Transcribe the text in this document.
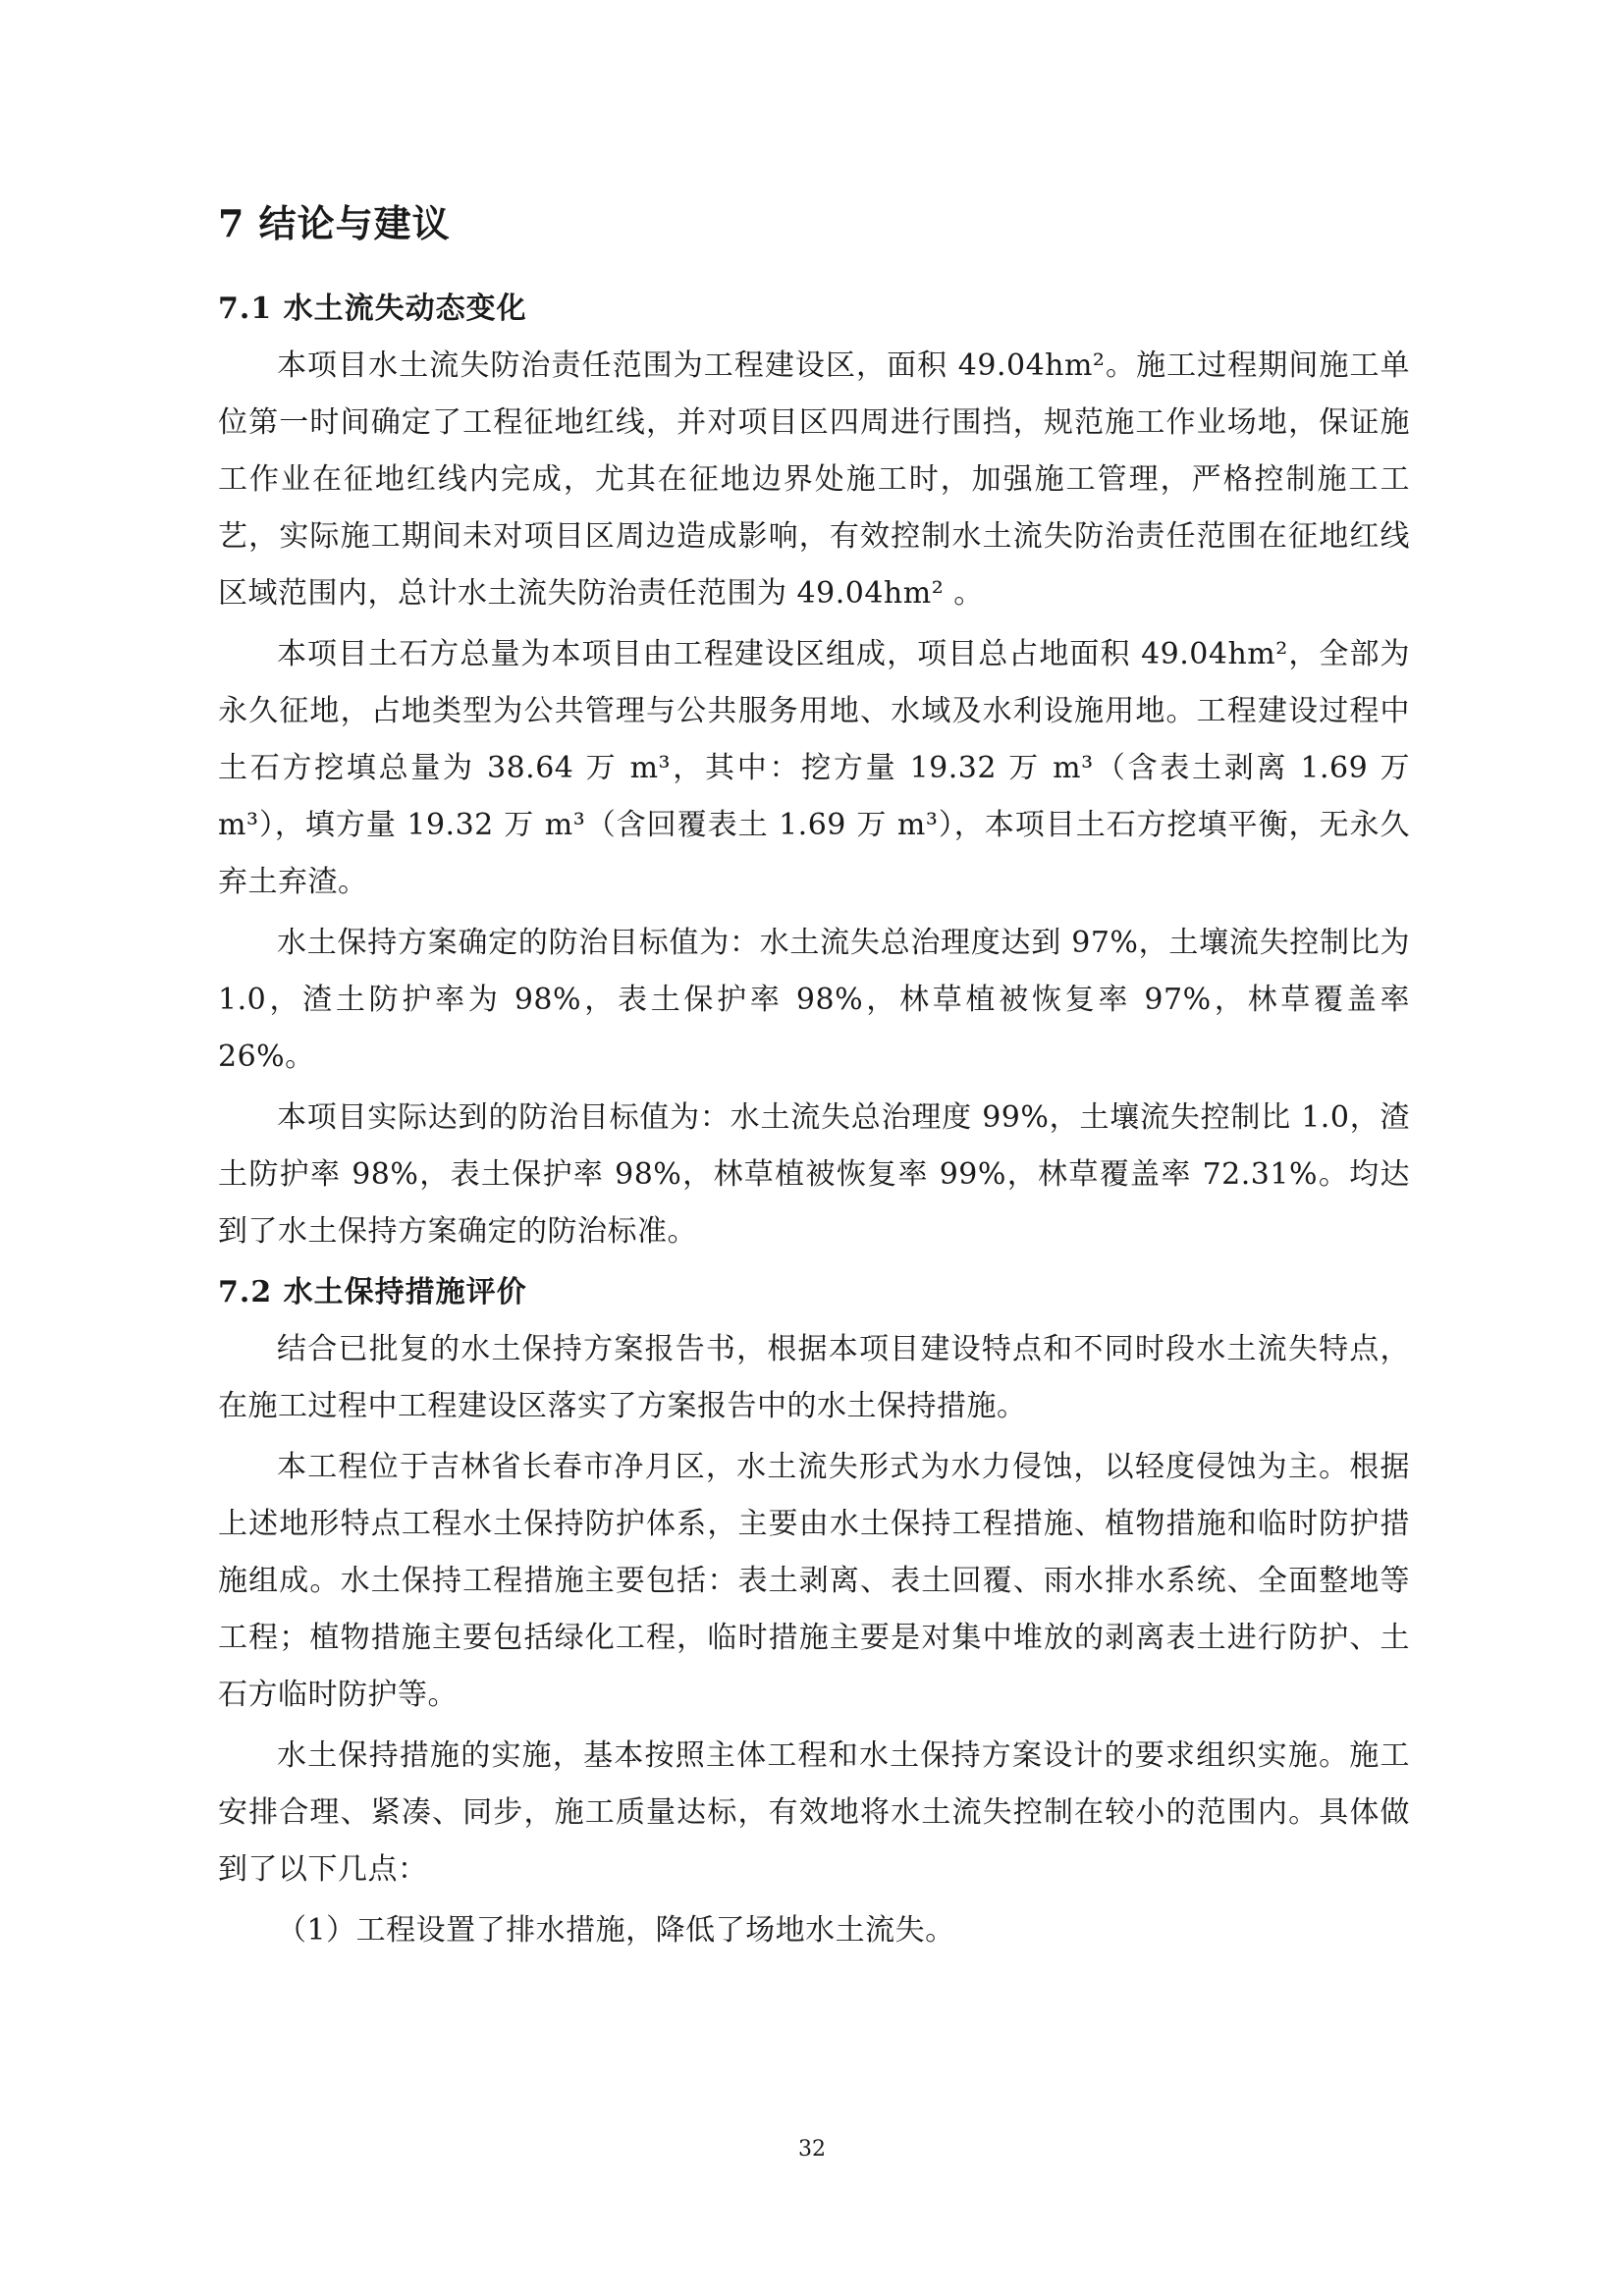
7 结论与建议
7.1 水土流失动态变化

本项目水土流失防治责任范围为工程建设区，面积 49.04hm²。施工过程期间施工单位第一时间确定了工程征地红线，并对项目区四周进行围挡，规范施工作业场地，保证施工作业在征地红线内完成，尤其在征地边界处施工时，加强施工管理，严格控制施工工艺，实际施工期间未对项目区周边造成影响，有效控制水土流失防治责任范围在征地红线区域范围内，总计水土流失防治责任范围为 49.04hm² 。

本项目土石方总量为本项目由工程建设区组成，项目总占地面积 49.04hm²，全部为永久征地，占地类型为公共管理与公共服务用地、水域及水利设施用地。工程建设过程中土石方挖填总量为 38.64 万 m³，其中：挖方量 19.32 万 m³（含表土剥离 1.69 万 m³），填方量 19.32 万 m³（含回覆表土 1.69 万 m³），本项目土石方挖填平衡，无永久弃土弃渣。

水土保持方案确定的防治目标值为：水土流失总治理度达到 97%，土壤流失控制比为 1.0，渣土防护率为 98%，表土保护率 98%，林草植被恢复率 97%，林草覆盖率 26%。

本项目实际达到的防治目标值为：水土流失总治理度 99%，土壤流失控制比 1.0，渣土防护率 98%，表土保护率 98%，林草植被恢复率 99%，林草覆盖率 72.31%。均达到了水土保持方案确定的防治标准。

7.2 水土保持措施评价

结合已批复的水土保持方案报告书，根据本项目建设特点和不同时段水土流失特点，在施工过程中工程建设区落实了方案报告中的水土保持措施。

本工程位于吉林省长春市净月区，水土流失形式为水力侵蚀，以轻度侵蚀为主。根据上述地形特点工程水土保持防护体系，主要由水土保持工程措施、植物措施和临时防护措施组成。水土保持工程措施主要包括：表土剥离、表土回覆、雨水排水系统、全面整地等工程；植物措施主要包括绿化工程，临时措施主要是对集中堆放的剥离表土进行防护、土石方临时防护等。

水土保持措施的实施，基本按照主体工程和水土保持方案设计的要求组织实施。施工安排合理、紧凑、同步，施工质量达标，有效地将水土流失控制在较小的范围内。具体做到了以下几点：

（1）工程设置了排水措施，降低了场地水土流失。

32
